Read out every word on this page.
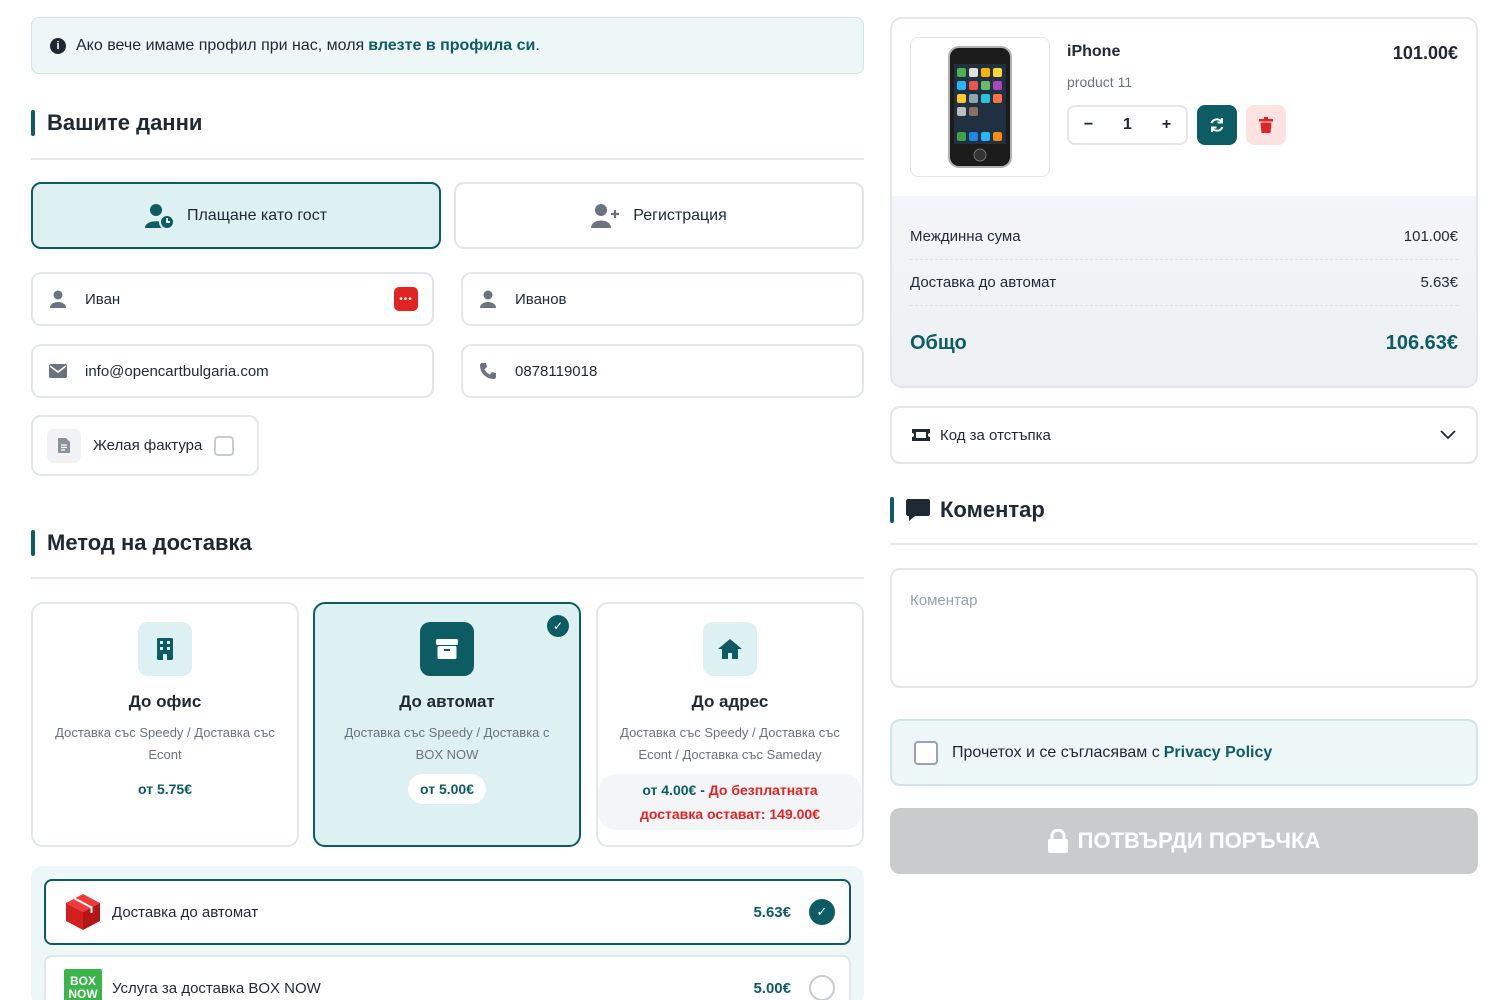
i	Ако вече имаме профил при нас, моля влезте в профила си .
Вашите данни
Плащане като гост	Регистрация
Иван	•••	Иванов
info@opencartbulgaria.com	0878119018
Желая фактура
Метод на доставка
До офис
Доставка със Speedy / Доставка със Econt
от 5.75€
✓
До автомат
Доставка със Speedy / Доставка с BOX NOW
от 5.00€
До адрес
Доставка със Speedy / Доставка със Econt / Доставка със Sameday
от 4.00€ - До безплатната доставка остават: 149.00€
Доставка до автомат	5.63€	✓
BOX
NOW Услуга за доставка BOX NOW	5.00€
iPhone
product 11
101.00€
−	1	+
Междинна сума	101.00€
Доставка до автомат	5.63€
Общо	106.63€
Код за отстъпка
Коментар
Коментар
Прочетох и се съгласявам с Privacy Policy
ПОТВЪРДИ ПОРЪЧКА
